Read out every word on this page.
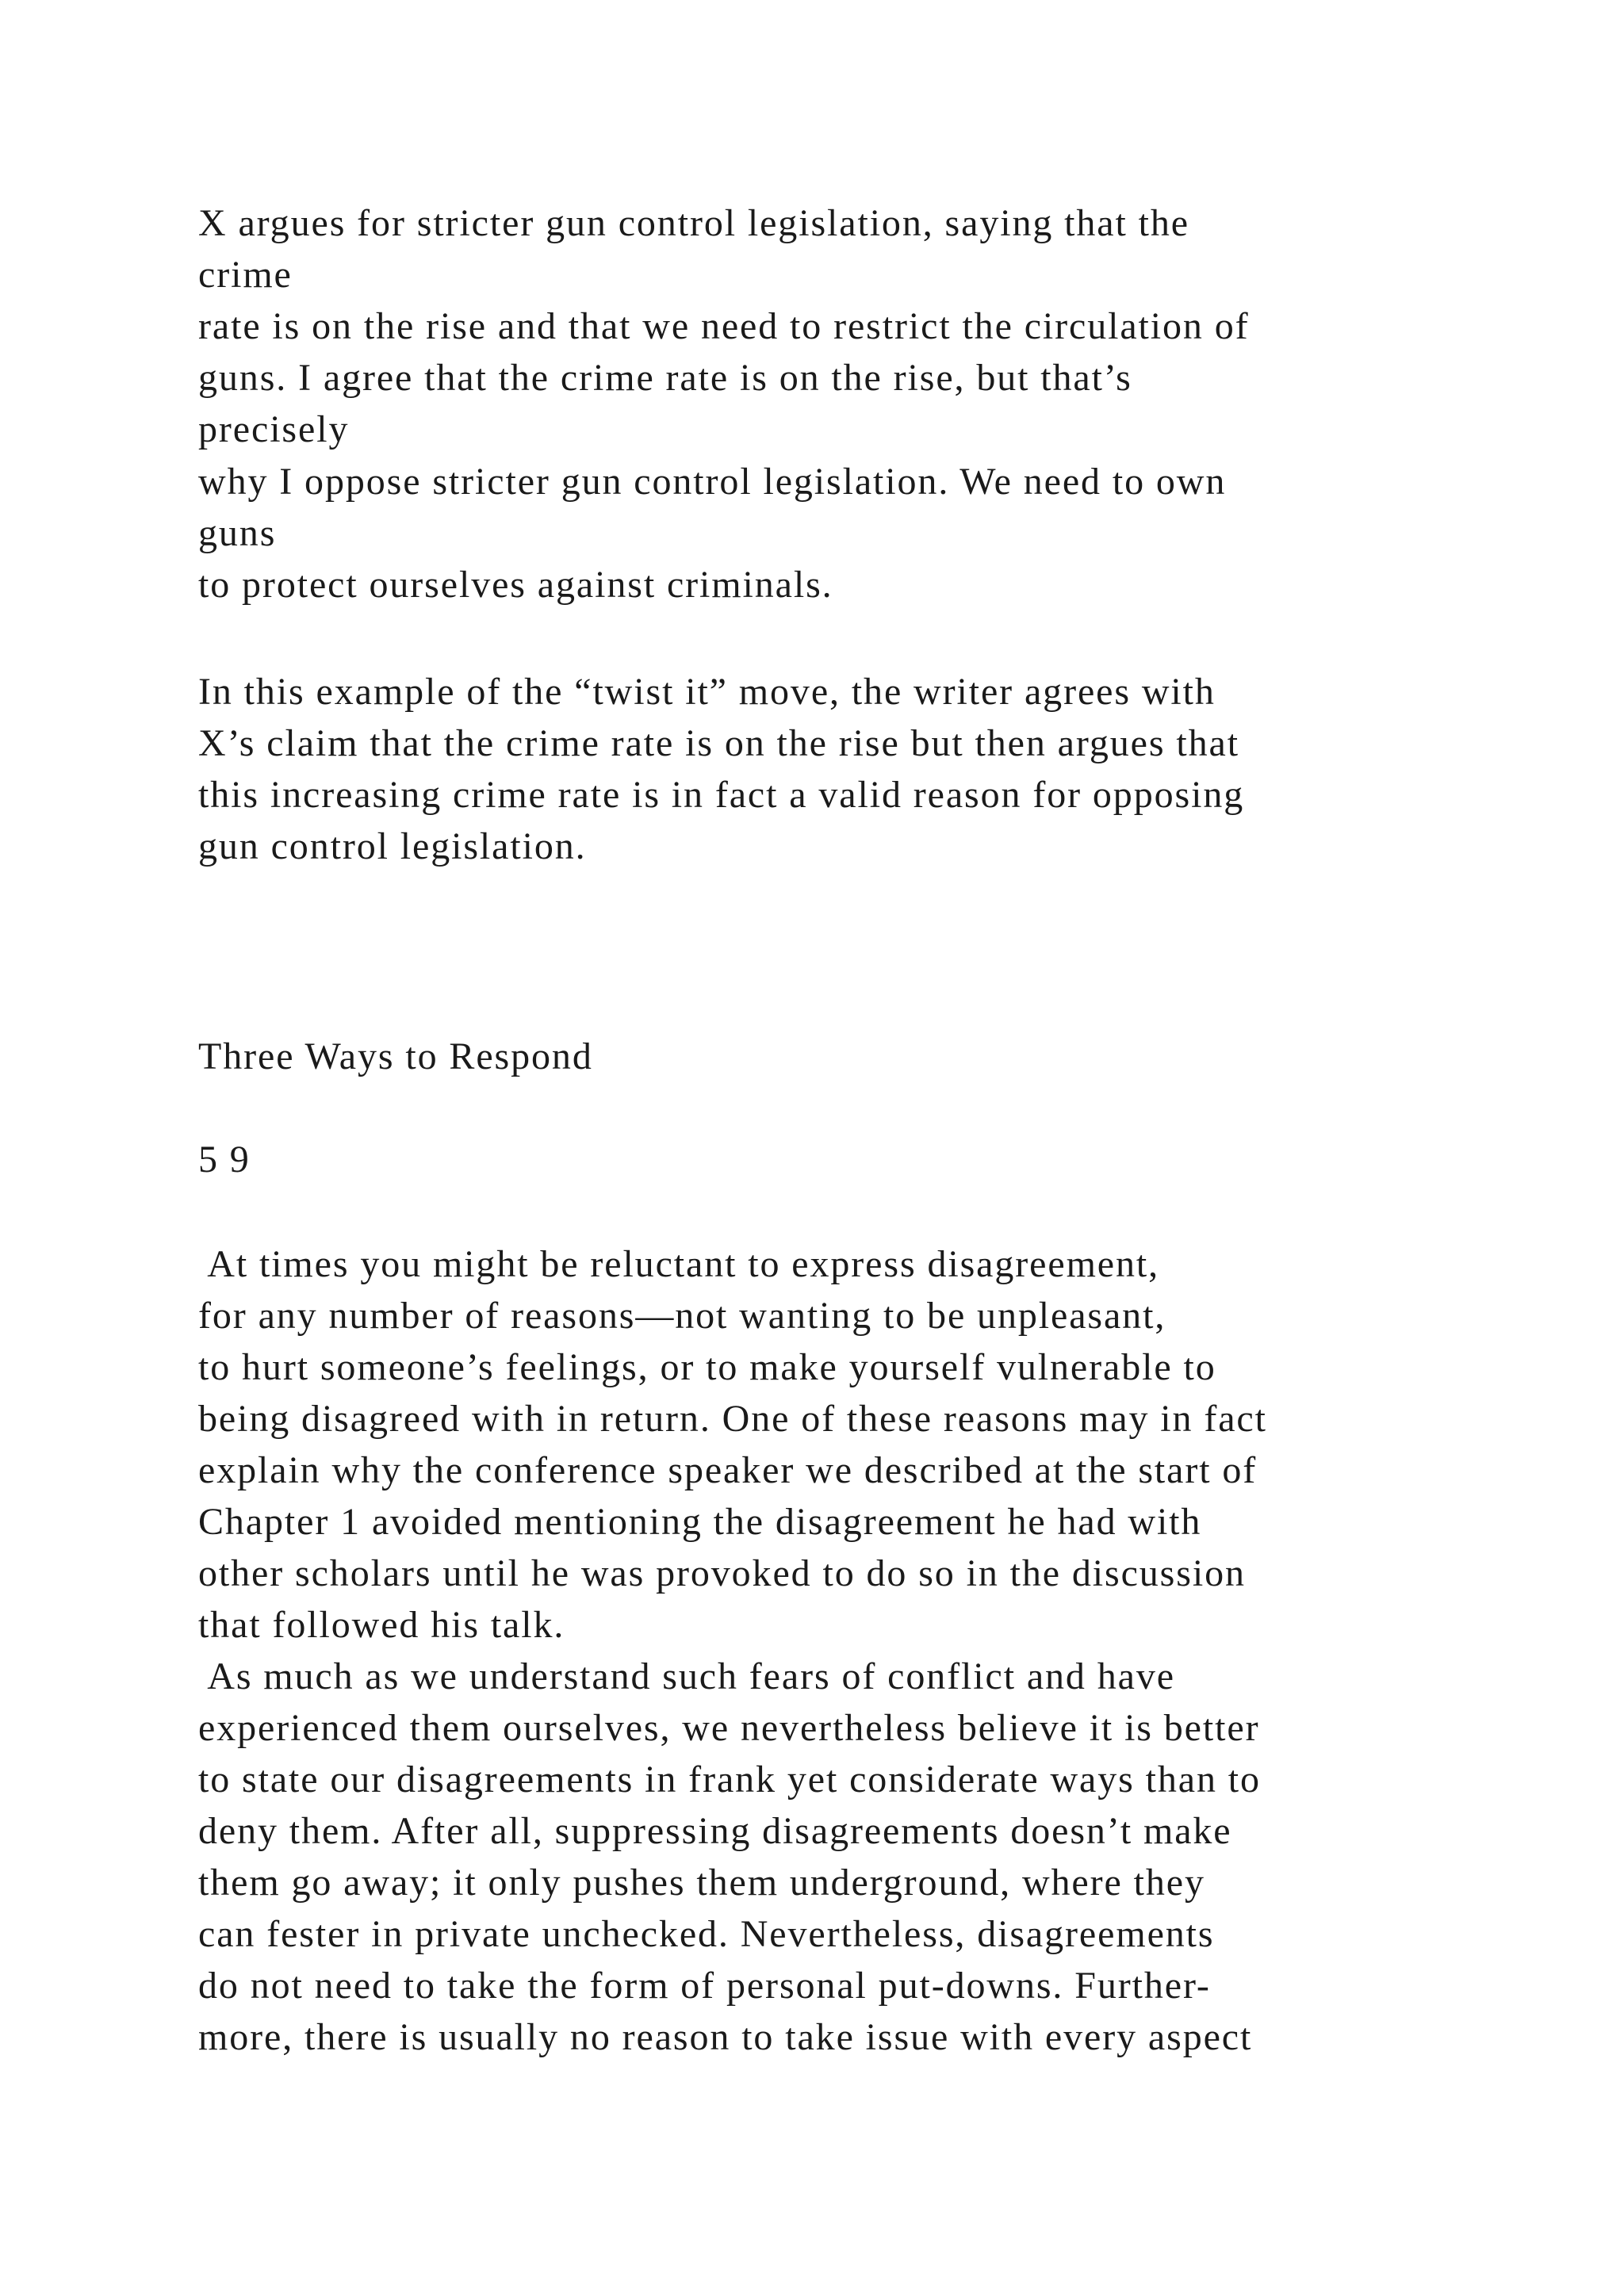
X argues for stricter gun control legislation, saying that the

crime

rate is on the rise and that we need to restrict the circulation of

guns. I agree that the crime rate is on the rise, but that’s

precisely

why I oppose stricter gun control legislation. We need to own

guns

to protect ourselves against criminals.

In this example of the “twist it” move, the writer agrees with

X’s claim that the crime rate is on the rise but then argues that

this increasing crime rate is in fact a valid reason for opposing

gun control legislation.

Three Ways to Respond

5 9

At times you might be reluctant to express disagreement,

for any number of reasons—not wanting to be unpleasant,

to hurt someone’s feelings, or to make yourself vulnerable to

being disagreed with in return. One of these reasons may in fact

explain why the conference speaker we described at the start of

Chapter 1 avoided mentioning the disagreement he had with

other scholars until he was provoked to do so in the discussion

that followed his talk.

As much as we understand such fears of conflict and have

experienced them ourselves, we nevertheless believe it is better

to state our disagreements in frank yet considerate ways than to

deny them. After all, suppressing disagreements doesn’t make

them go away; it only pushes them underground, where they

can fester in private unchecked. Nevertheless, disagreements

do not need to take the form of personal put-downs. Further-

more, there is usually no reason to take issue with every aspect
